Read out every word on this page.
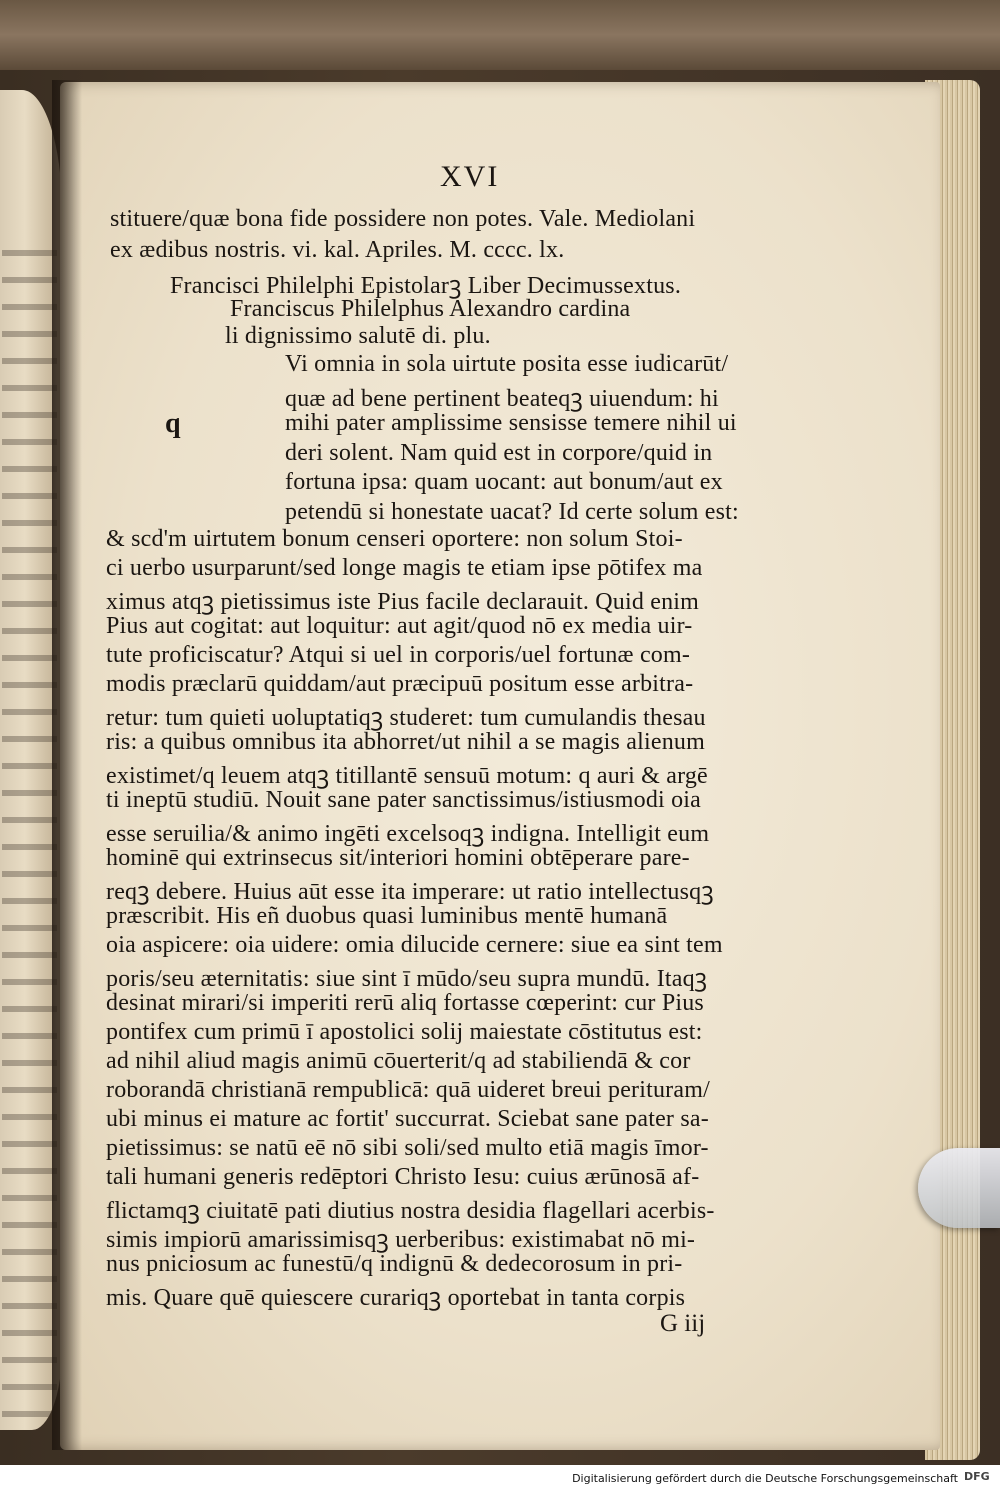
XVI
stituere/quæ bona fide possidere non potes. Vale. Mediolani
ex ædibus nostris. vi. kal. Apriles. M. cccc. lx.
Francisci Philelphi Epistolarꝫ Liber Decimussextus.
Franciscus Philelphus Alexandro cardina
li dignissimo salutē di. plu.
q
Vi omnia in sola uirtute posita esse iudicarūt/
quæ ad bene pertinent beateqꝫ uiuendum: hi
mihi pater amplissime sensisse temere nihil ui
deri solent. Nam quid est in corpore/quid in
fortuna ipsa: quam uocant: aut bonum/aut ex
petendū si honestate uacat? Id certe solum est:
& scd'm uirtutem bonum censeri oportere: non solum Stoi-
ci uerbo usurparunt/sed longe magis te etiam ipse pōtifex ma
ximus atqꝫ pietissimus iste Pius facile declarauit. Quid enim
Pius aut cogitat: aut loquitur: aut agit/quod nō ex media uir-
tute proficiscatur? Atqui si uel in corporis/uel fortunæ com-
modis præclarū quiddam/aut præcipuū positum esse arbitra-
retur: tum quieti uoluptatiqꝫ studeret: tum cumulandis thesau
ris: a quibus omnibus ita abhorret/ut nihil a se magis alienum
existimet/q leuem atqꝫ titillantē sensuū motum: q auri & argē
ti ineptū studiū. Nouit sane pater sanctissimus/istiusmodi oia
esse seruilia/& animo ingēti excelsoqꝫ indigna. Intelligit eum
hominē qui extrinsecus sit/interiori homini obtēperare pare-
reqꝫ debere. Huius aūt esse ita imperare: ut ratio intellectusqꝫ
præscribit. His eñ duobus quasi luminibus mentē humanā
oia aspicere: oia uidere: omia dilucide cernere: siue ea sint tem
poris/seu æternitatis: siue sint ī mūdo/seu supra mundū. Itaqꝫ
desinat mirari/si imperiti rerū aliq fortasse cœperint: cur Pius
pontifex cum primū ī apostolici solij maiestate cōstitutus est:
ad nihil aliud magis animū cōuerterit/q ad stabiliendā & cor
roborandā christianā rempublicā: quā uideret breui perituram/
ubi minus ei mature ac fortit' succurrat. Sciebat sane pater sa-
pietissimus: se natū eē nō sibi soli/sed multo etiā magis īmor-
tali humani generis redēptori Christo Iesu: cuius ærūnosā af-
flictamqꝫ ciuitatē pati diutius nostra desidia flagellari acerbis-
simis impiorū amarissimisqꝫ uerberibus: existimabat nō mi-
nus pniciosum ac funestū/q indignū & dedecorosum in pri-
mis. Quare quē quiescere curariqꝫ oportebat in tanta corpis
G iij
Digitalisierung gefördert durch die Deutsche Forschungsgemeinschaft DFG
